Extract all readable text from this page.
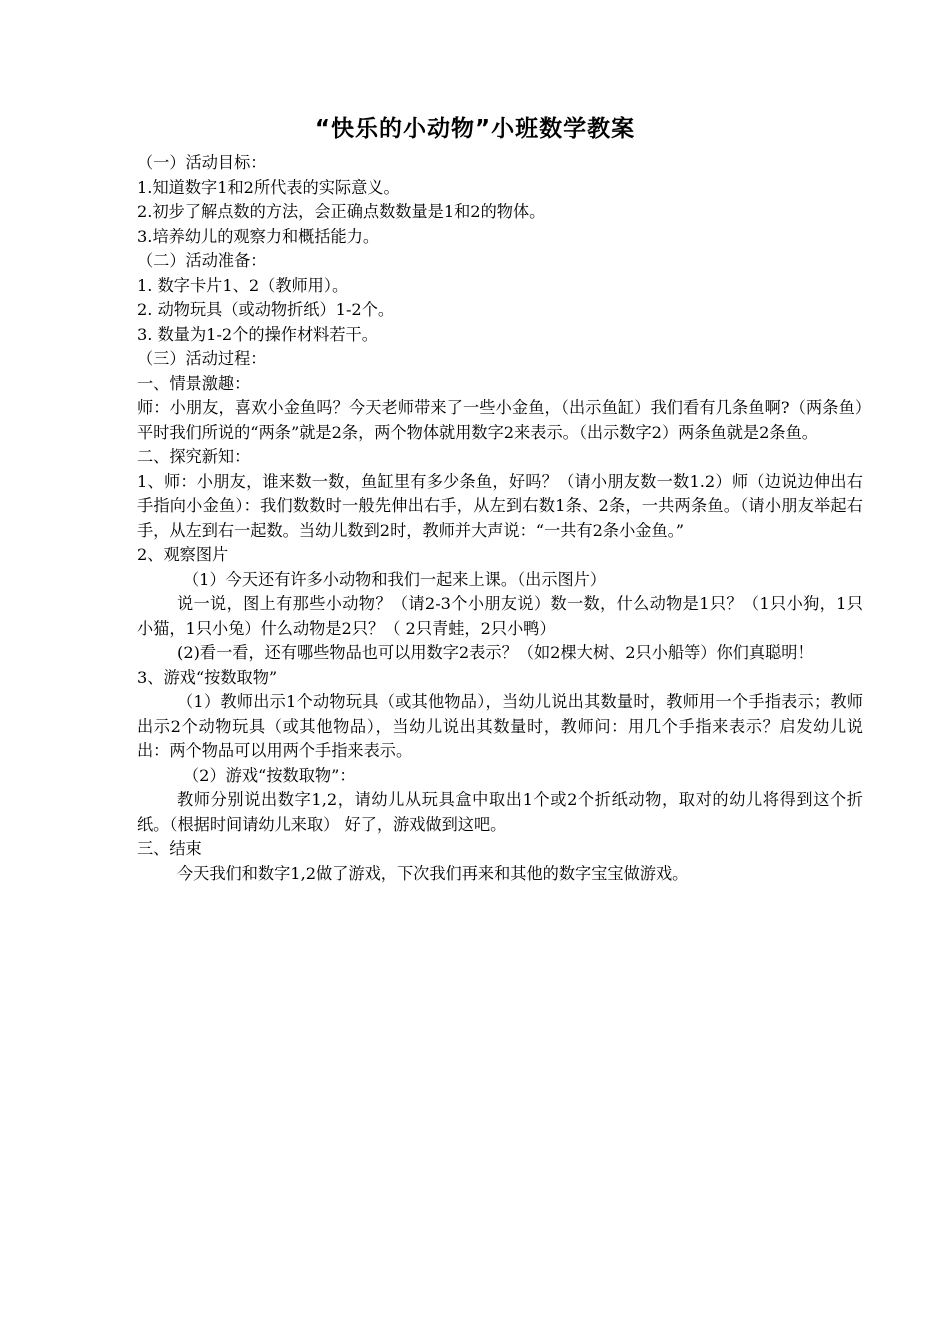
“快乐的小动物”小班数学教案

（一）活动目标：

1.知道数字1和2所代表的实际意义。

2.初步了解点数的方法，会正确点数数量是1和2的物体。

3.培养幼儿的观察力和概括能力。

（二）活动准备：

1. 数字卡片1、2（教师用）。

2. 动物玩具（或动物折纸）1-2个。

3. 数量为1-2个的操作材料若干。

（三）活动过程：

一、情景激趣：

师：小朋友，喜欢小金鱼吗？今天老师带来了一些小金鱼，（出示鱼缸）我们看有几条鱼啊?（两条鱼）平时我们所说的“两条”就是2条，两个物体就用数字2来表示。（出示数字2）两条鱼就是2条鱼。

二、探究新知：

1、师：小朋友，谁来数一数，鱼缸里有多少条鱼，好吗？（请小朋友数一数1.2）师（边说边伸出右手指向小金鱼）：我们数数时一般先伸出右手，从左到右数1条、2条，一共两条鱼。（请小朋友举起右手，从左到右一起数。当幼儿数到2时，教师并大声说：“一共有2条小金鱼。”

2、观察图片

（1）今天还有许多小动物和我们一起来上课。（出示图片）

说一说，图上有那些小动物？（请2-3个小朋友说）数一数，什么动物是1只？（1只小狗，1只小猫，1只小兔）什么动物是2只？（ 2只青蛙，2只小鸭）

(2)看一看，还有哪些物品也可以用数字2表示？（如2棵大树、2只小船等）你们真聪明！

3、游戏“按数取物”

（1）教师出示1个动物玩具（或其他物品），当幼儿说出其数量时，教师用一个手指表示；教师出示2个动物玩具（或其他物品），当幼儿说出其数量时，教师问：用几个手指来表示？启发幼儿说出：两个物品可以用两个手指来表示。

（2）游戏“按数取物”：

教师分别说出数字1,2，请幼儿从玩具盒中取出1个或2个折纸动物，取对的幼儿将得到这个折纸。（根据时间请幼儿来取） 好了，游戏做到这吧。

三、结束

今天我们和数字1,2做了游戏，下次我们再来和其他的数字宝宝做游戏。
